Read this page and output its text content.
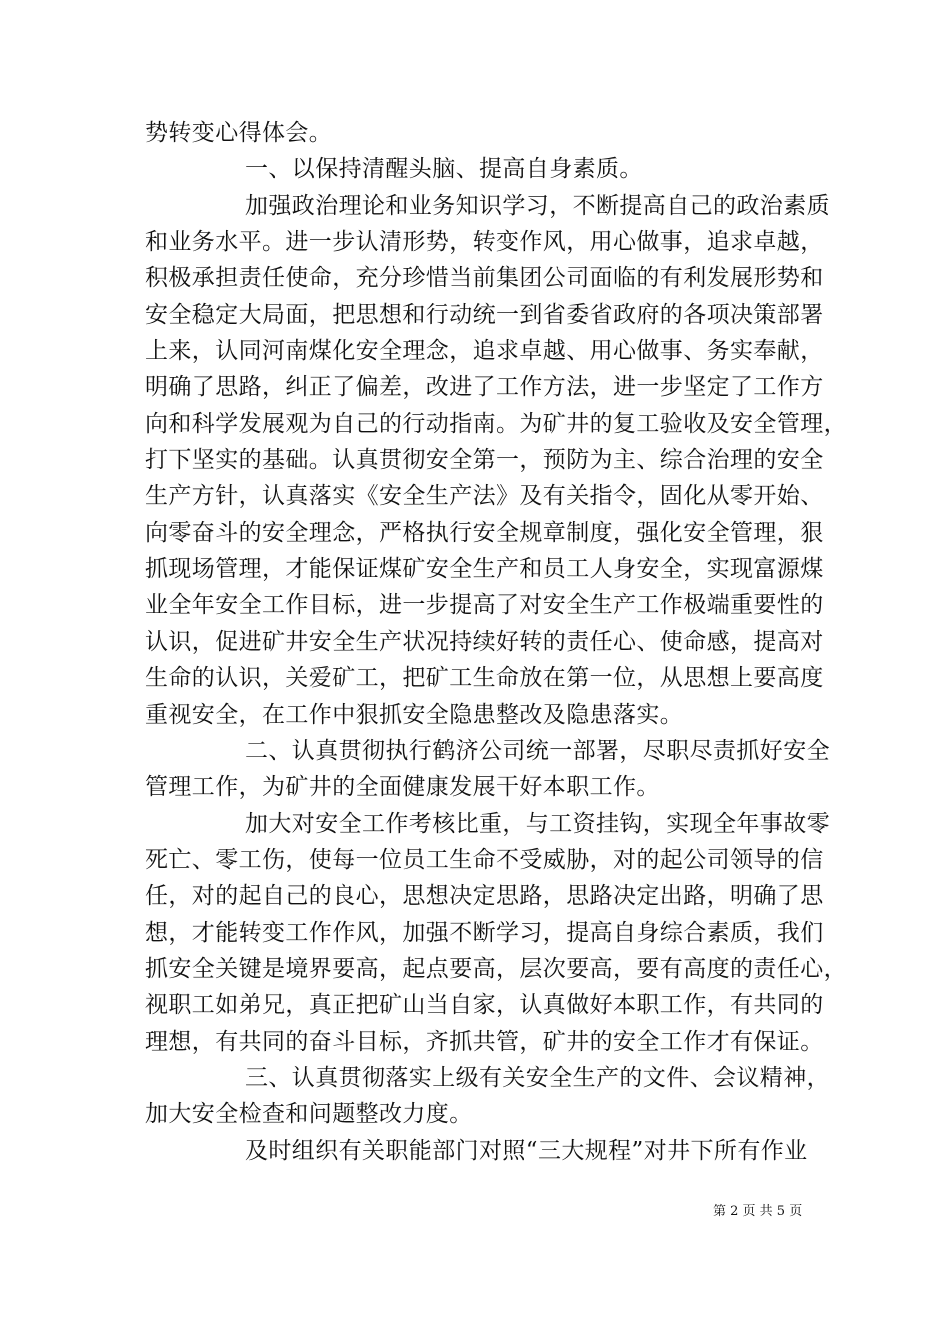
势转变心得体会。
一、以保持清醒头脑、提高自身素质。
加强政治理论和业务知识学习，不断提高自己的政治素质
和业务水平。进一步认清形势，转变作风，用心做事，追求卓越，
积极承担责任使命，充分珍惜当前集团公司面临的有利发展形势和
安全稳定大局面，把思想和行动统一到省委省政府的各项决策部署
上来，认同河南煤化安全理念，追求卓越、用心做事、务实奉献，
明确了思路，纠正了偏差，改进了工作方法，进一步坚定了工作方
向和科学发展观为自己的行动指南。为矿井的复工验收及安全管理，
打下坚实的基础。认真贯彻安全第一，预防为主、综合治理的安全
生产方针，认真落实《安全生产法》及有关指令，固化从零开始、
向零奋斗的安全理念，严格执行安全规章制度，强化安全管理，狠
抓现场管理，才能保证煤矿安全生产和员工人身安全，实现富源煤
业全年安全工作目标，进一步提高了对安全生产工作极端重要性的
认识，促进矿井安全生产状况持续好转的责任心、使命感，提高对
生命的认识，关爱矿工，把矿工生命放在第一位，从思想上要高度
重视安全，在工作中狠抓安全隐患整改及隐患落实。
二、认真贯彻执行鹤济公司统一部署，尽职尽责抓好安全
管理工作，为矿井的全面健康发展干好本职工作。
加大对安全工作考核比重，与工资挂钩，实现全年事故零
死亡、零工伤，使每一位员工生命不受威胁，对的起公司领导的信
任，对的起自己的良心，思想决定思路，思路决定出路，明确了思
想，才能转变工作作风，加强不断学习，提高自身综合素质，我们
抓安全关键是境界要高，起点要高，层次要高，要有高度的责任心，
视职工如弟兄，真正把矿山当自家，认真做好本职工作，有共同的
理想，有共同的奋斗目标，齐抓共管，矿井的安全工作才有保证。
三、认真贯彻落实上级有关安全生产的文件、会议精神，
加大安全检查和问题整改力度。
及时组织有关职能部门对照“三大规程”对井下所有作业
第 2 页 共 5 页
